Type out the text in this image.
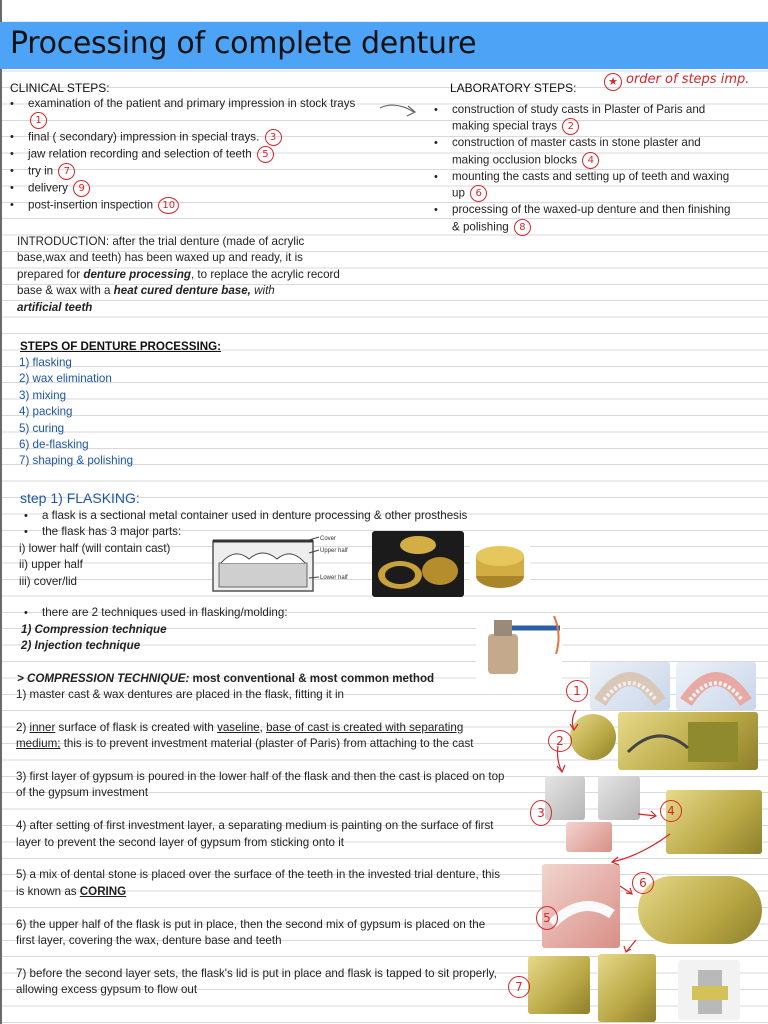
Processing of complete denture
CLINICAL STEPS:
• examination of the patient and primary impression in stock trays 1
• final ( secondary) impression in special trays. 3
• jaw relation recording and selection of teeth 5
• try in 7
• delivery 9
• post-insertion inspection 10
LABORATORY STEPS:	★ order of steps imp.
• construction of study casts in Plaster of Paris and making special trays 2
• construction of master casts in stone plaster and making occlusion blocks 4
• mounting the casts and setting up of teeth and waxing up 6
• processing of the waxed-up denture and then finishing & polishing 8
INTRODUCTION: after the trial denture (made of acrylic base,wax and teeth) has been waxed up and ready, it is prepared for denture processing, to replace the acrylic record base & wax with a heat cured denture base, with
artificial teeth
STEPS OF DENTURE PROCESSING:
1) flasking
2) wax elimination
3) mixing
4) packing
5) curing
6) de-flasking
7) shaping & polishing
step 1) FLASKING:
• a flask is a sectional metal container used in denture processing & other prosthesis
• the flask has 3 major parts:
i) lower half (will contain cast)
ii) upper half
iii) cover/lid
Cover
Upper half
Lower half
• there are 2 techniques used in flasking/molding:
1) Compression technique
2) Injection technique
> COMPRESSION TECHNIQUE: most conventional & most common method

1) master cast & wax dentures are placed in the flask, fitting it in

2) inner surface of flask is created with vaseline, base of cast is created with separating medium; this is to prevent investment material (plaster of Paris) from attaching to the cast

3) first layer of gypsum is poured in the lower half of the flask and then the cast is placed on top of the gypsum investment

4) after setting of first investment layer, a separating medium is painting on the surface of first layer to prevent the second layer of gypsum from sticking onto it

5) a mix of dental stone is placed over the surface of the teeth in the invested trial denture, this is known as CORING

6) the upper half of the flask is put in place, then the second mix of gypsum is placed on the first layer, covering the wax, denture base and teeth

7) before the second layer sets, the flask's lid is put in place and flask is tapped to sit properly, allowing excess gypsum to flow out

1
2
3	4
5
6
7
